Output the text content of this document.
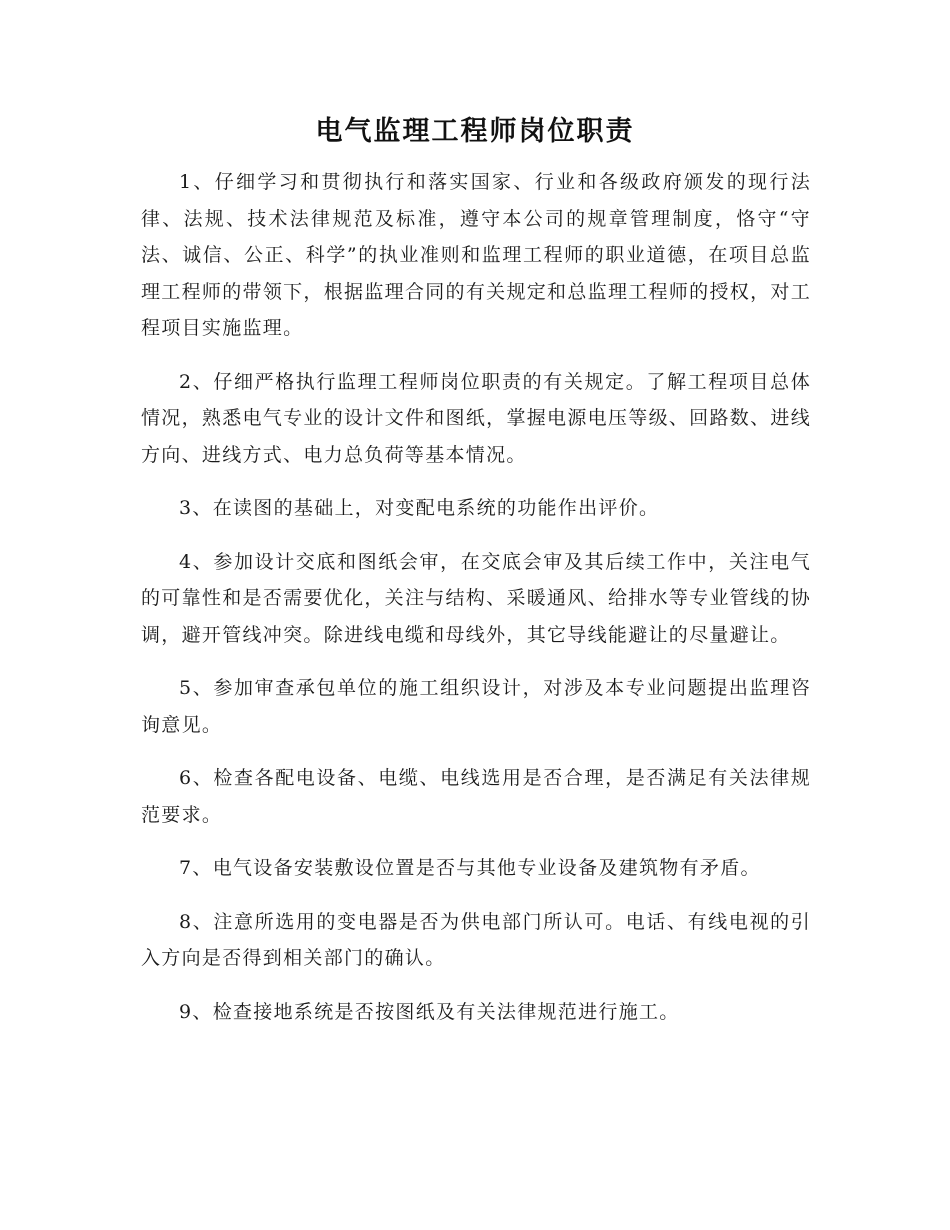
电气监理工程师岗位职责

1、仔细学习和贯彻执行和落实国家、行业和各级政府颁发的现行法律、法规、技术法律规范及标准，遵守本公司的规章管理制度，恪守“守法、诚信、公正、科学”的执业准则和监理工程师的职业道德，在项目总监理工程师的带领下，根据监理合同的有关规定和总监理工程师的授权，对工程项目实施监理。

2、仔细严格执行监理工程师岗位职责的有关规定。了解工程项目总体情况，熟悉电气专业的设计文件和图纸，掌握电源电压等级、回路数、进线方向、进线方式、电力总负荷等基本情况。

3、在读图的基础上，对变配电系统的功能作出评价。

4、参加设计交底和图纸会审，在交底会审及其后续工作中，关注电气的可靠性和是否需要优化，关注与结构、采暖通风、给排水等专业管线的协调，避开管线冲突。除进线电缆和母线外，其它导线能避让的尽量避让。

5、参加审查承包单位的施工组织设计，对涉及本专业问题提出监理咨询意见。

6、检查各配电设备、电缆、电线选用是否合理，是否满足有关法律规范要求。

7、电气设备安装敷设位置是否与其他专业设备及建筑物有矛盾。

8、注意所选用的变电器是否为供电部门所认可。电话、有线电视的引入方向是否得到相关部门的确认。

9、检查接地系统是否按图纸及有关法律规范进行施工。
